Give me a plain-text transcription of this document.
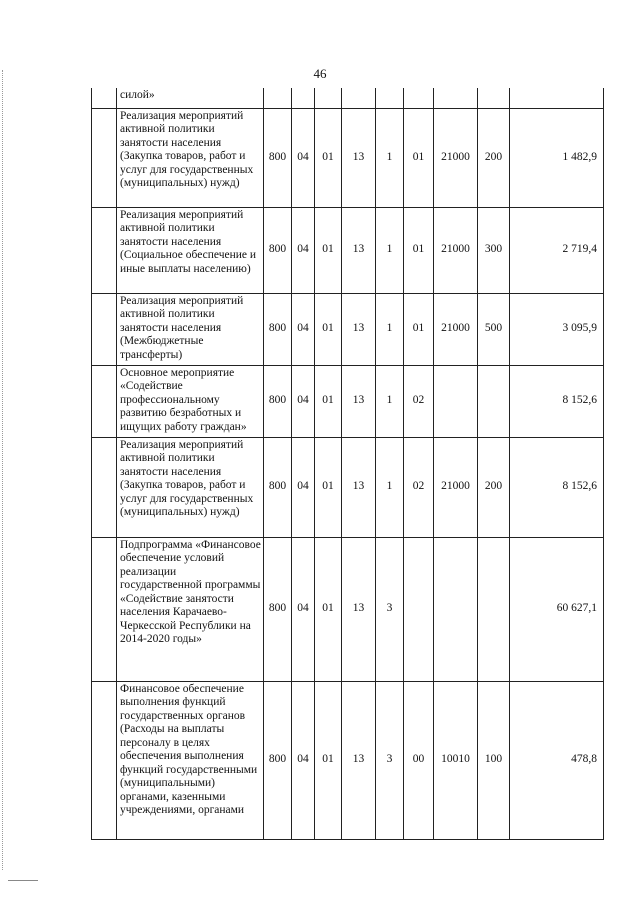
46
	силой»									
	Реализация мероприятий активной политики занятости населения (Закупка товаров, работ и услуг для государственных (муниципальных) нужд)	800	04	01	13	1	01	21000	200	1 482,9
	Реализация мероприятий активной политики занятости населения (Социальное обеспечение и иные выплаты населению)	800	04	01	13	1	01	21000	300	2 719,4
	Реализация мероприятий активной политики занятости населения (Межбюджетные трансферты)	800	04	01	13	1	01	21000	500	3 095,9
	Основное мероприятие «Содействие профессиональному развитию безработных и ищущих работу граждан»	800	04	01	13	1	02			8 152,6
	Реализация мероприятий активной политики занятости населения (Закупка товаров, работ и услуг для государственных (муниципальных) нужд)	800	04	01	13	1	02	21000	200	8 152,6
	Подпрограмма «Финансовое обеспечение условий реализации государственной программы «Содействие занятости населения Карачаево-Черкесской Республики на 2014-2020 годы»	800	04	01	13	3				60 627,1
	Финансовое обеспечение выполнения функций государственных органов (Расходы на выплаты персоналу в целях обеспечения выполнения функций государственными (муниципальными) органами, казенными учреждениями, органами	800	04	01	13	3	00	10010	100	478,8
